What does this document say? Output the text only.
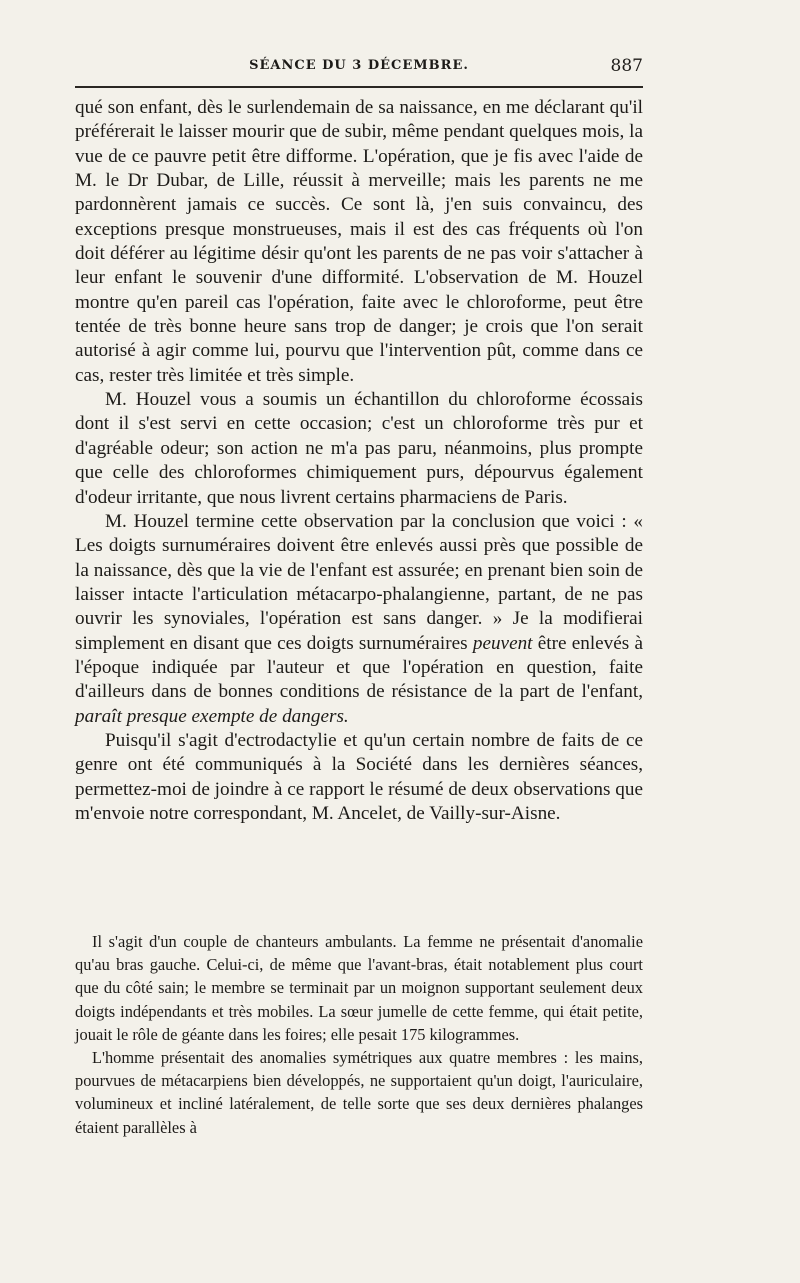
SÉANCE DU 3 DÉCEMBRE.	887

qué son enfant, dès le surlendemain de sa naissance, en me déclarant qu'il préférerait le laisser mourir que de subir, même pendant quelques mois, la vue de ce pauvre petit être difforme. L'opération, que je fis avec l'aide de M. le Dr Dubar, de Lille, réussit à merveille; mais les parents ne me pardonnèrent jamais ce succès. Ce sont là, j'en suis convaincu, des exceptions presque monstrueuses, mais il est des cas fréquents où l'on doit déférer au légitime désir qu'ont les parents de ne pas voir s'attacher à leur enfant le souvenir d'une difformité. L'observation de M. Houzel montre qu'en pareil cas l'opération, faite avec le chloroforme, peut être tentée de très bonne heure sans trop de danger; je crois que l'on serait autorisé à agir comme lui, pourvu que l'intervention pût, comme dans ce cas, rester très limitée et très simple.

M. Houzel vous a soumis un échantillon du chloroforme écossais dont il s'est servi en cette occasion; c'est un chloroforme très pur et d'agréable odeur; son action ne m'a pas paru, néanmoins, plus prompte que celle des chloroformes chimiquement purs, dépourvus également d'odeur irritante, que nous livrent certains pharmaciens de Paris.

M. Houzel termine cette observation par la conclusion que voici : « Les doigts surnuméraires doivent être enlevés aussi près que possible de la naissance, dès que la vie de l'enfant est assurée; en prenant bien soin de laisser intacte l'articulation métacarpo-phalangienne, partant, de ne pas ouvrir les synoviales, l'opération est sans danger. » Je la modifierai simplement en disant que ces doigts surnuméraires peuvent être enlevés à l'époque indiquée par l'auteur et que l'opération en question, faite d'ailleurs dans de bonnes conditions de résistance de la part de l'enfant, paraît presque exempte de dangers.

Puisqu'il s'agit d'ectrodactylie et qu'un certain nombre de faits de ce genre ont été communiqués à la Société dans les dernières séances, permettez-moi de joindre à ce rapport le résumé de deux observations que m'envoie notre correspondant, M. Ancelet, de Vailly-sur-Aisne.

Il s'agit d'un couple de chanteurs ambulants. La femme ne présentait d'anomalie qu'au bras gauche. Celui-ci, de même que l'avant-bras, était notablement plus court que du côté sain; le membre se terminait par un moignon supportant seulement deux doigts indépendants et très mobiles. La sœur jumelle de cette femme, qui était petite, jouait le rôle de géante dans les foires; elle pesait 175 kilogrammes.

L'homme présentait des anomalies symétriques aux quatre membres : les mains, pourvues de métacarpiens bien développés, ne supportaient qu'un doigt, l'auriculaire, volumineux et incliné latéralement, de telle sorte que ses deux dernières phalanges étaient parallèles à
